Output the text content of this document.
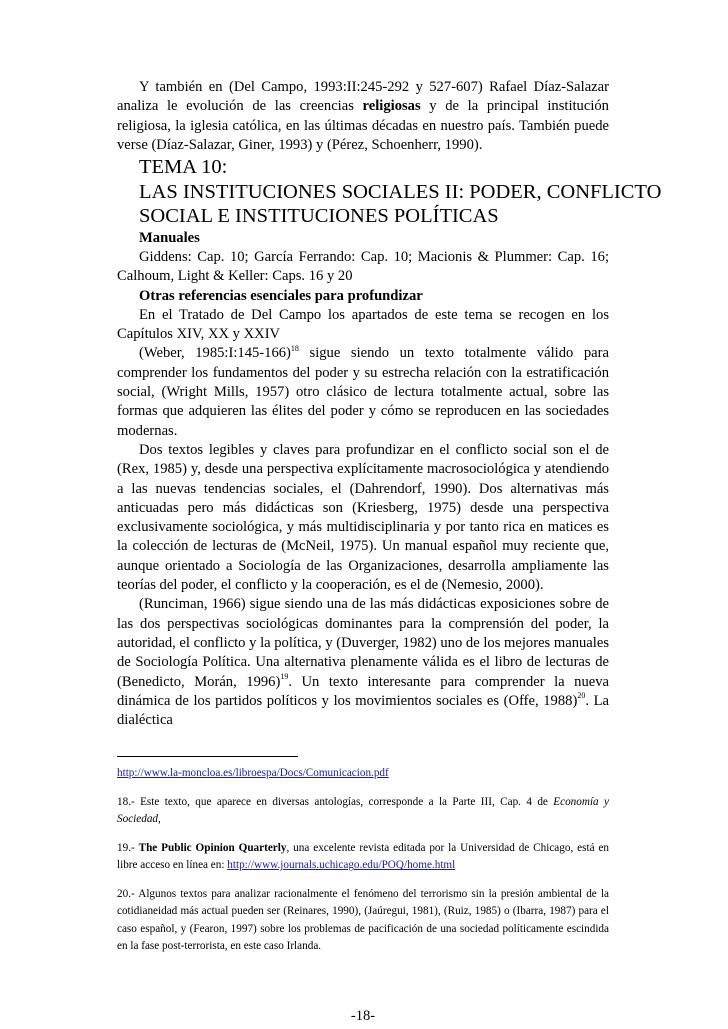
Y también en (Del Campo, 1993:II:245-292 y 527-607) Rafael Díaz-Salazar analiza le evolución de las creencias religiosas y de la principal institución religiosa, la iglesia católica, en las últimas décadas en nuestro país. También puede verse (Díaz-Salazar, Giner, 1993) y (Pérez, Schoenherr, 1990).

TEMA 10:
LAS INSTITUCIONES SOCIALES II: PODER, CONFLICTO
SOCIAL E INSTITUCIONES POLÍTICAS
Manuales

Giddens: Cap. 10; García Ferrando: Cap. 10; Macionis & Plummer: Cap. 16; Calhoum, Light & Keller: Caps. 16 y 20

Otras referencias esenciales para profundizar

En el Tratado de Del Campo los apartados de este tema se recogen en los Capítulos XIV, XX y XXIV

(Weber, 1985:I:145-166)$^{18}$ sigue siendo un texto totalmente válido para comprender los fundamentos del poder y su estrecha relación con la estratificación social, (Wright Mills, 1957) otro clásico de lectura totalmente actual, sobre las formas que adquieren las élites del poder y cómo se reproducen en las sociedades modernas.

Dos textos legibles y claves para profundizar en el conflicto social son el de (Rex, 1985) y, desde una perspectiva explícitamente macrosociológica y atendiendo a las nuevas tendencias sociales, el (Dahrendorf, 1990). Dos alternativas más anticuadas pero más didácticas son (Kriesberg, 1975) desde una perspectiva exclusivamente sociológica, y más multidisciplinaria y por tanto rica en matices es la colección de lecturas de (McNeil, 1975). Un manual español muy reciente que, aunque orientado a Sociología de las Organizaciones, desarrolla ampliamente las teorías del poder, el conflicto y la cooperación, es el de (Nemesio, 2000).

(Runciman, 1966) sigue siendo una de las más didácticas exposiciones sobre de las dos perspectivas sociológicas dominantes para la comprensión del poder, la autoridad, el conflicto y la política, y (Duverger, 1982) uno de los mejores manuales de Sociología Política. Una alternativa plenamente válida es el libro de lecturas de (Benedicto, Morán, 1996)$^{19}$. Un texto interesante para comprender la nueva dinámica de los partidos políticos y los movimientos sociales es (Offe, 1988)$^{20}$. La dialéctica

http://www.la-moncloa.es/libroespa/Docs/Comunicacion.pdf

18.- Este texto, que aparece en diversas antologías, corresponde a la Parte III, Cap. 4 de Economía y Sociedad,

19.- The Public Opinion Quarterly, una excelente revista editada por la Universidad de Chicago, está en libre acceso en línea en: http://www.journals.uchicago.edu/POQ/home.html

20.- Algunos textos para analizar racionalmente el fenómeno del terrorismo sin la presión ambiental de la cotidianeidad más actual pueden ser (Reinares, 1990), (Jaúregui, 1981), (Ruiz, 1985) o (Ibarra, 1987) para el caso español, y (Fearon, 1997) sobre los problemas de pacificación de una sociedad políticamente escindida en la fase post-terrorista, en este caso Irlanda.

-18-
